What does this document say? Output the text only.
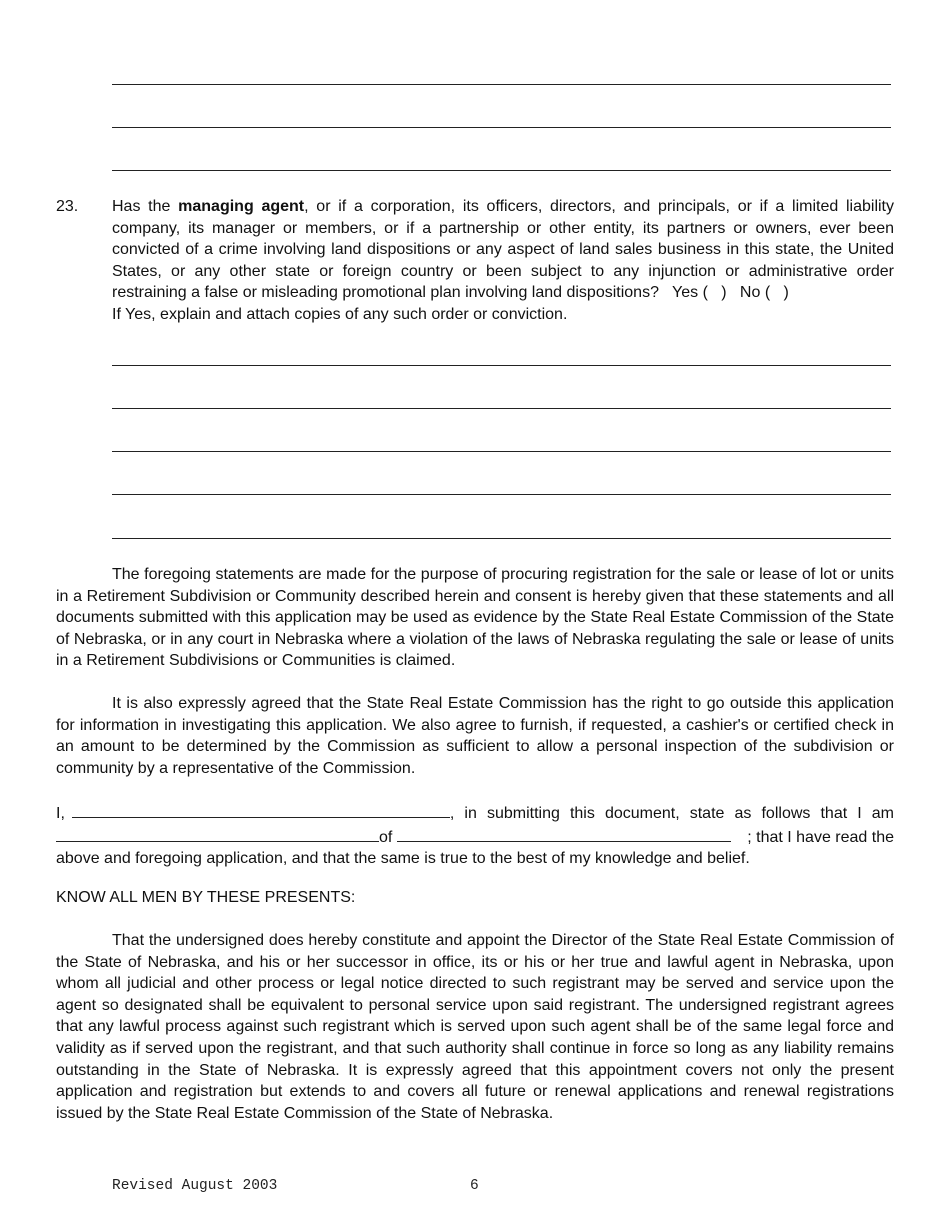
23. Has the managing agent, or if a corporation, its officers, directors, and principals, or if a limited liability company, its manager or members, or if a partnership or other entity, its partners or owners, ever been convicted of a crime involving land dispositions or any aspect of land sales business in this state, the United States, or any other state or foreign country or been subject to any injunction or administrative order restraining a false or misleading promotional plan involving land dispositions? Yes (   ) No (   )
If Yes, explain and attach copies of any such order or conviction.

The foregoing statements are made for the purpose of procuring registration for the sale or lease of lot or units in a Retirement Subdivision or Community described herein and consent is hereby given that these statements and all documents submitted with this application may be used as evidence by the State Real Estate Commission of the State of Nebraska, or in any court in Nebraska where a violation of the laws of Nebraska regulating the sale or lease of units in a Retirement Subdivisions or Communities is claimed.

It is also expressly agreed that the State Real Estate Commission has the right to go outside this application for information in investigating this application. We also agree to furnish, if requested, a cashier's or certified check in an amount to be determined by the Commission as sufficient to allow a personal inspection of the subdivision or community by a representative of the Commission.

I,	, in submitting this document, state as follows that I am
of	; that I have read the
above and foregoing application, and that the same is true to the best of my knowledge and belief.
KNOW ALL MEN BY THESE PRESENTS:

That the undersigned does hereby constitute and appoint the Director of the State Real Estate Commission of the State of Nebraska, and his or her successor in office, its or his or her true and lawful agent in Nebraska, upon whom all judicial and other process or legal notice directed to such registrant may be served and service upon the agent so designated shall be equivalent to personal service upon said registrant. The undersigned registrant agrees that any lawful process against such registrant which is served upon such agent shall be of the same legal force and validity as if served upon the registrant, and that such authority shall continue in force so long as any liability remains outstanding in the State of Nebraska. It is expressly agreed that this appointment covers not only the present application and registration but extends to and covers all future or renewal applications and renewal registrations issued by the State Real Estate Commission of the State of Nebraska.

Revised August 2003	6
